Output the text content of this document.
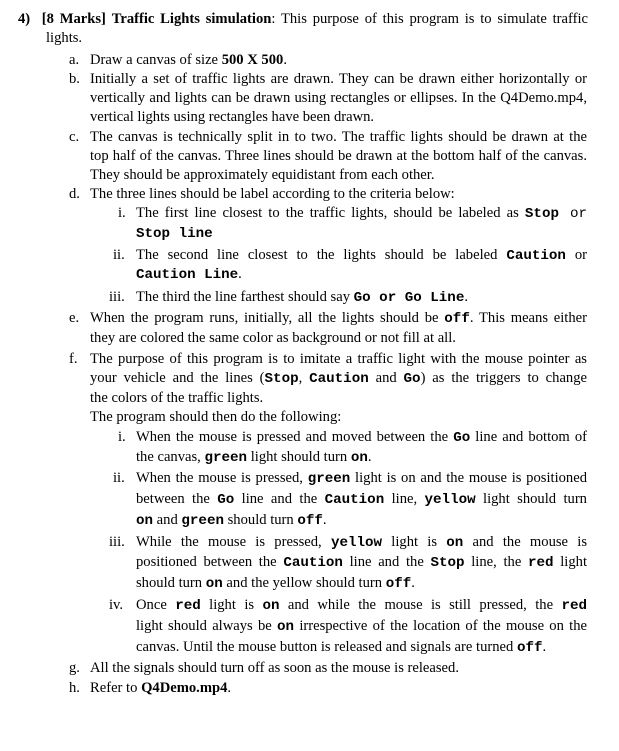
4) [8 Marks] Traffic Lights simulation: This purpose of this program is to simulate traffic
lights.
a. Draw a canvas of size 500 X 500.
b. Initially a set of traffic lights are drawn. They can be drawn either horizontally or
vertically and lights can be drawn using rectangles or ellipses. In the Q4Demo.mp4,
vertical lights using rectangles have been drawn.
c. The canvas is technically split in to two. The traffic lights should be drawn at the
top half of the canvas. Three lines should be drawn at the bottom half of the canvas.
They should be approximately equidistant from each other.
d. The three lines should be label according to the criteria below:
i. The first line closest to the traffic lights, should be labeled as Stop or
Stop line
ii. The second line closest to the lights should be labeled Caution or
Caution Line.
iii. The third the line farthest should say Go or Go Line.
e. When the program runs, initially, all the lights should be off. This means either
they are colored the same color as background or not fill at all.
f. The purpose of this program is to imitate a traffic light with the mouse pointer as
your vehicle and the lines (Stop, Caution and Go) as the triggers to change
the colors of the traffic lights.
The program should then do the following:
i. When the mouse is pressed and moved between the Go line and bottom of
the canvas, green light should turn on.
ii. When the mouse is pressed, green light is on and the mouse is positioned
between the Go line and the Caution line, yellow light should turn
on and green should turn off.
iii. While the mouse is pressed, yellow light is on and the mouse is
positioned between the Caution line and the Stop line, the red light
should turn on and the yellow should turn off.
iv. Once red light is on and while the mouse is still pressed, the red
light should always be on irrespective of the location of the mouse on the
canvas. Until the mouse button is released and signals are turned off.
g. All the signals should turn off as soon as the mouse is released.
h. Refer to Q4Demo.mp4.
